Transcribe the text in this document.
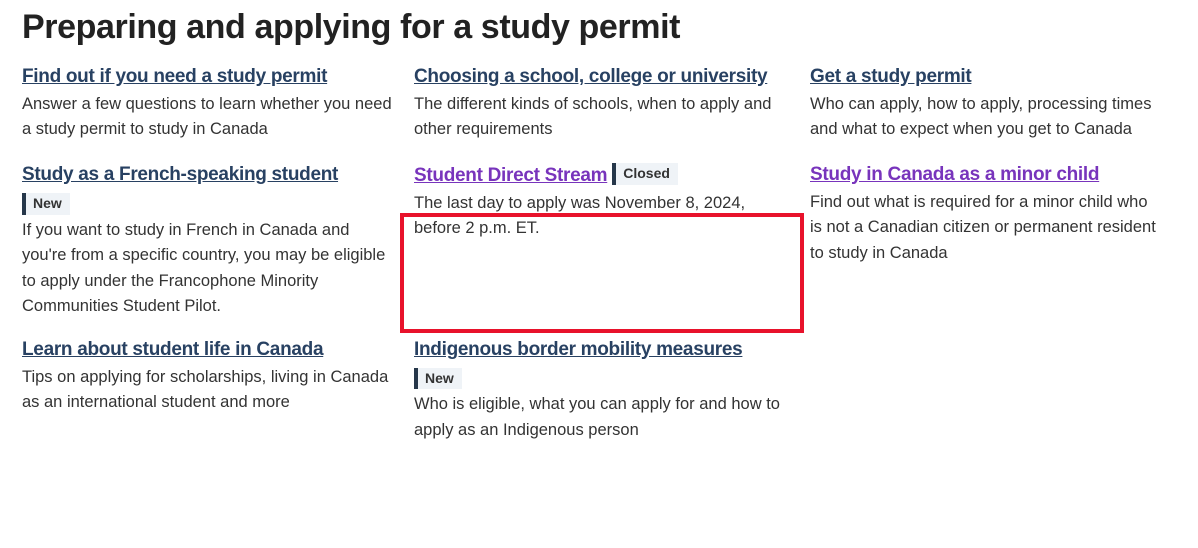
Preparing and applying for a study permit
Find out if you need a study permit
Answer a few questions to learn whether you need a study permit to study in Canada
Choosing a school, college or university
The different kinds of schools, when to apply and other requirements
Get a study permit
Who can apply, how to apply, processing times and what to expect when you get to Canada
Study as a French-speaking student
New
If you want to study in French in Canada and you're from a specific country, you may be eligible to apply under the Francophone Minority Communities Student Pilot.
Student Direct Stream Closed
The last day to apply was November 8, 2024, before 2 p.m. ET.
Study in Canada as a minor child
Find out what is required for a minor child who is not a Canadian citizen or permanent resident to study in Canada
Learn about student life in Canada
Tips on applying for scholarships, living in Canada as an international student and more
Indigenous border mobility measures
New
Who is eligible, what you can apply for and how to apply as an Indigenous person
